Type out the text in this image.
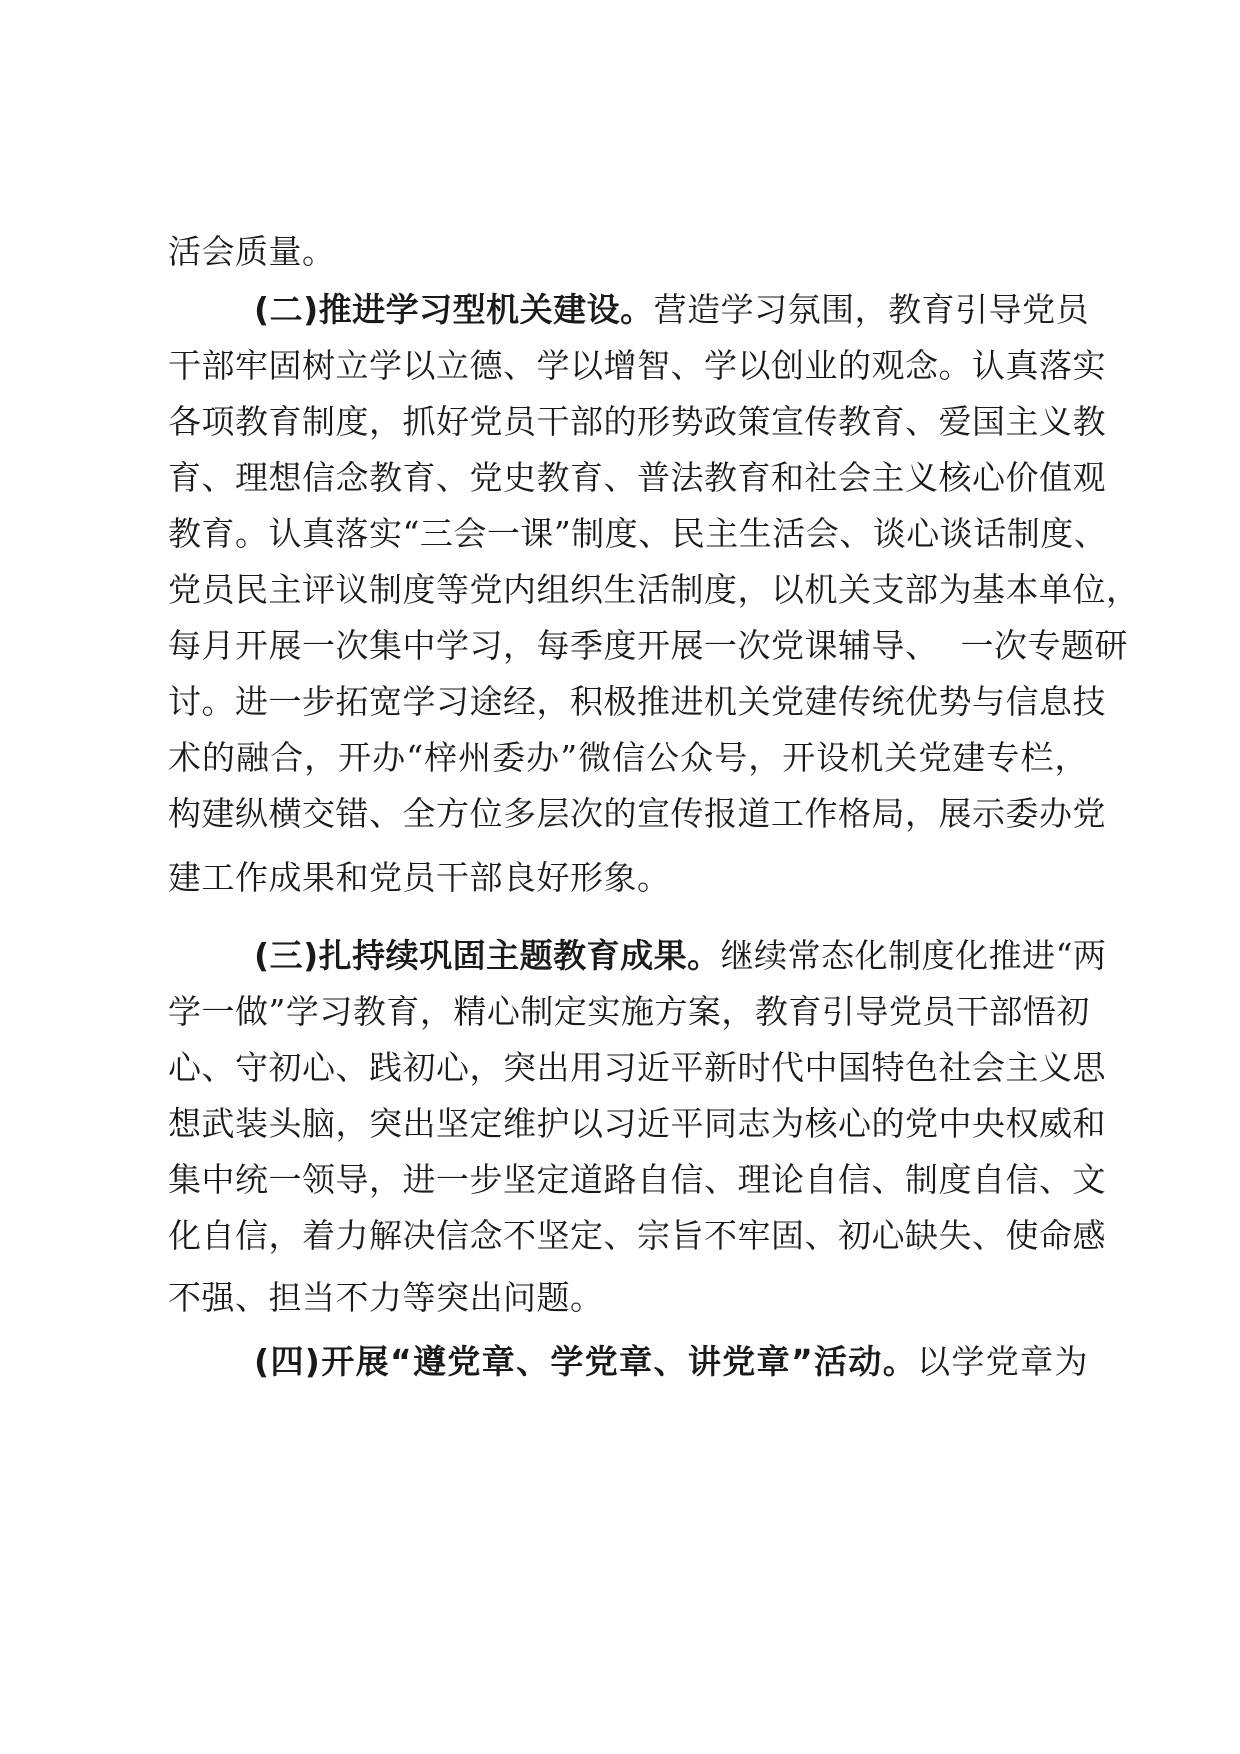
活会质量。
(二)推进学习型机关建设。营造学习氛围，教育引导党员
干部牢固树立学以立德、学以增智、学以创业的观念。认真落实
各项教育制度，抓好党员干部的形势政策宣传教育、爱国主义教
育、理想信念教育、党史教育、普法教育和社会主义核心价值观
教育。认真落实“三会一课”制度、民主生活会、谈心谈话制度、
党员民主评议制度等党内组织生活制度，以机关支部为基本单位，
每月开展一次集中学习，每季度开展一次党课辅导、  一次专题研
讨。进一步拓宽学习途经，积极推进机关党建传统优势与信息技
术的融合，开办“梓州委办”微信公众号，开设机关党建专栏，
构建纵横交错、全方位多层次的宣传报道工作格局，展示委办党
建工作成果和党员干部良好形象。
(三)扎持续巩固主题教育成果。继续常态化制度化推进“两
学一做”学习教育，精心制定实施方案，教育引导党员干部悟初
心、守初心、践初心，突出用习近平新时代中国特色社会主义思
想武装头脑，突出坚定维护以习近平同志为核心的党中央权威和
集中统一领导，进一步坚定道路自信、理论自信、制度自信、文
化自信，着力解决信念不坚定、宗旨不牢固、初心缺失、使命感
不强、担当不力等突出问题。
(四)开展“遵党章、学党章、讲党章”活动。以学党章为
